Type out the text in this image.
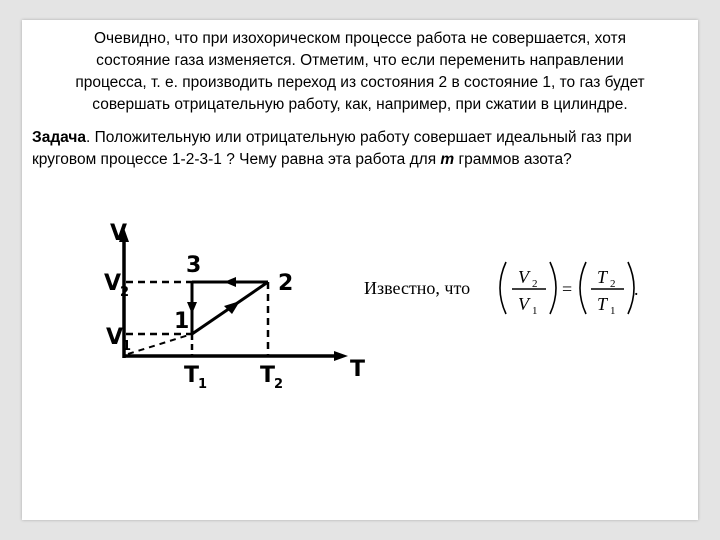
Очевидно, что при изохорическом процессе работа не совершается, хотя
состояние газа изменяется. Отметим, что если переменить направлении
процесса, т. е. производить переход из состояния 2 в состояние 1, то газ будет
совершать отрицательную работу, как, например, при сжатии в цилиндре.

Задача. Положительную или отрицательную работу совершает идеальный газ при круговом процессе 1-2-3-1 ? Чему равна эта работа для m граммов азота?

V
T
V
2
V
1
T
1 T
2
1
2
3
Известно, что
V 2
V 1
=
T 2
T 1
.
